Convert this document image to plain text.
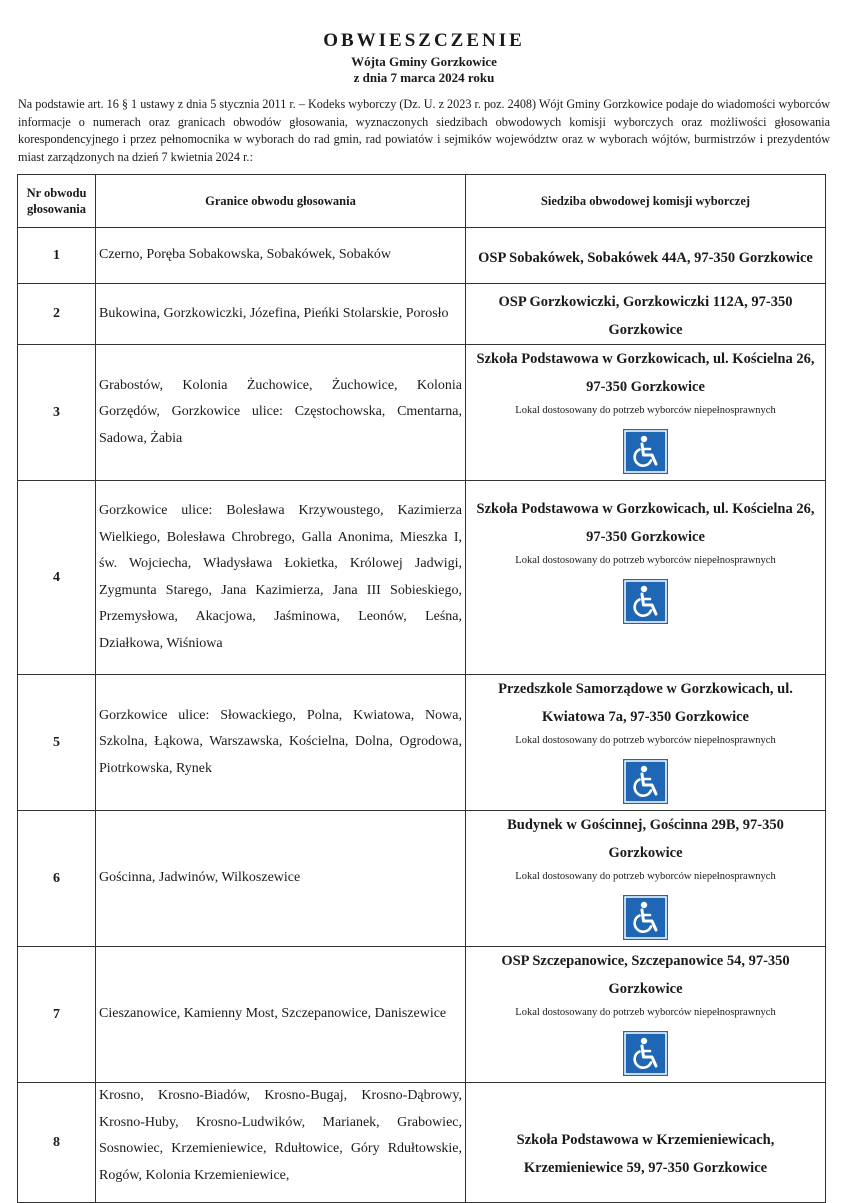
OBWIESZCZENIE
Wójta Gminy Gorzkowice
z dnia 7 marca 2024 roku
Na podstawie art. 16 § 1 ustawy z dnia 5 stycznia 2011 r. – Kodeks wyborczy (Dz. U. z 2023 r. poz. 2408) Wójt Gminy Gorzkowice podaje do wiadomości wyborców informacje o numerach oraz granicach obwodów głosowania, wyznaczonych siedzibach obwodowych komisji wyborczych oraz możliwości głosowania korespondencyjnego i przez pełnomocnika w wyborach do rad gmin, rad powiatów i sejmików województw oraz w wyborach wójtów, burmistrzów i prezydentów miast zarządzonych na dzień 7 kwietnia 2024 r.:
Nr obwodu głosowania	Granice obwodu głosowania	Siedziba obwodowej komisji wyborczej
1	Czerno, Poręba Sobakowska, Sobakówek, Sobaków	OSP Sobakówek, Sobakówek 44A, 97-350 Gorzkowice

2	Bukowina, Gorzkowiczki, Józefina, Pieńki Stolarskie, Porosło	OSP Gorzkowiczki, Gorzkowiczki 112A, 97-350 Gorzkowice

3	Grabostów, Kolonia Żuchowice, Żuchowice, Kolonia Gorzędów, Gorzkowice ulice: Częstochowska, Cmentarna, Sadowa, Żabia	Szkoła Podstawowa w Gorzkowicach, ul. Kościelna 26, 97-350 Gorzkowice
Lokal dostosowany do potrzeb wyborców niepełnosprawnych

4	Gorzkowice ulice: Bolesława Krzywoustego, Kazimierza Wielkiego, Bolesława Chrobrego, Galla Anonima, Mieszka I, św. Wojciecha, Władysława Łokietka, Królowej Jadwigi, Zygmunta Starego, Jana Kazimierza, Jana III Sobieskiego, Przemysłowa, Akacjowa, Jaśminowa, Leonów, Leśna, Działkowa, Wiśniowa	Szkoła Podstawowa w Gorzkowicach, ul. Kościelna 26, 97-350 Gorzkowice
Lokal dostosowany do potrzeb wyborców niepełnosprawnych

5	Gorzkowice ulice: Słowackiego, Polna, Kwiatowa, Nowa, Szkolna, Łąkowa, Warszawska, Kościelna, Dolna, Ogrodowa, Piotrkowska, Rynek	Przedszkole Samorządowe w Gorzkowicach, ul. Kwiatowa 7a, 97-350 Gorzkowice
Lokal dostosowany do potrzeb wyborców niepełnosprawnych

6	Gościnna, Jadwinów, Wilkoszewice	Budynek w Gościnnej, Gościnna 29B, 97-350 Gorzkowice
Lokal dostosowany do potrzeb wyborców niepełnosprawnych

7	Cieszanowice, Kamienny Most, Szczepanowice, Daniszewice	OSP Szczepanowice, Szczepanowice 54, 97-350 Gorzkowice
Lokal dostosowany do potrzeb wyborców niepełnosprawnych

8	Krosno, Krosno-Biadów, Krosno-Bugaj, Krosno-Dąbrowy, Krosno-Huby, Krosno-Ludwików, Marianek, Grabowiec, Sosnowiec, Krzemieniewice, Rdułtowice, Góry Rdułtowskie, Rogów, Kolonia Krzemieniewice,	Szkoła Podstawowa w Krzemieniewicach, Krzemieniewice 59, 97-350 Gorzkowice
